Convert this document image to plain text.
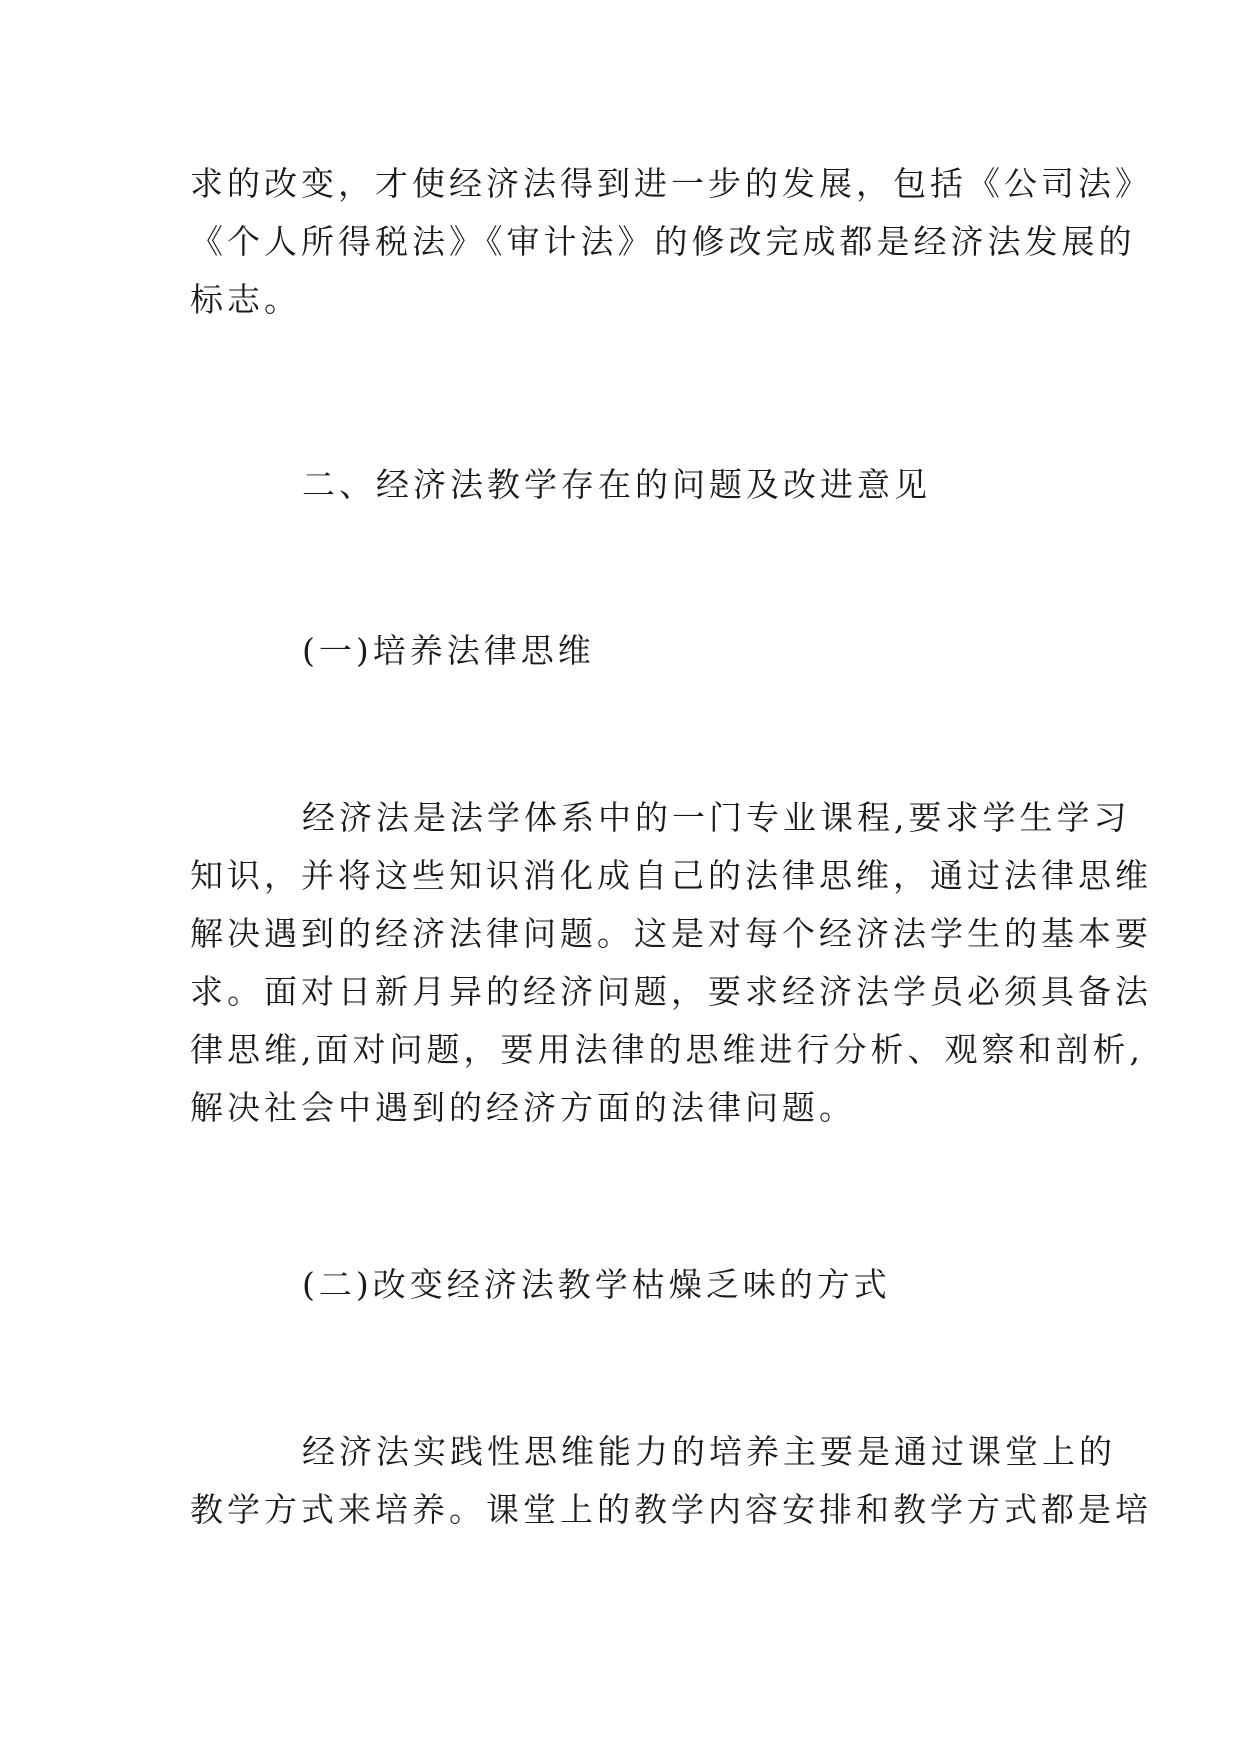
求的改变，才使经济法得到进一步的发展，包括《公司法》
《个人所得税法》《审计法》的修改完成都是经济法发展的
标志。
二、经济法教学存在的问题及改进意见
(一)培养法律思维
经济法是法学体系中的一门专业课程,要求学生学习
知识，并将这些知识消化成自己的法律思维，通过法律思维
解决遇到的经济法律问题。这是对每个经济法学生的基本要
求。面对日新月异的经济问题，要求经济法学员必须具备法
律思维,面对问题，要用法律的思维进行分析、观察和剖析,
解决社会中遇到的经济方面的法律问题。
(二)改变经济法教学枯燥乏味的方式
经济法实践性思维能力的培养主要是通过课堂上的
教学方式来培养。课堂上的教学内容安排和教学方式都是培
